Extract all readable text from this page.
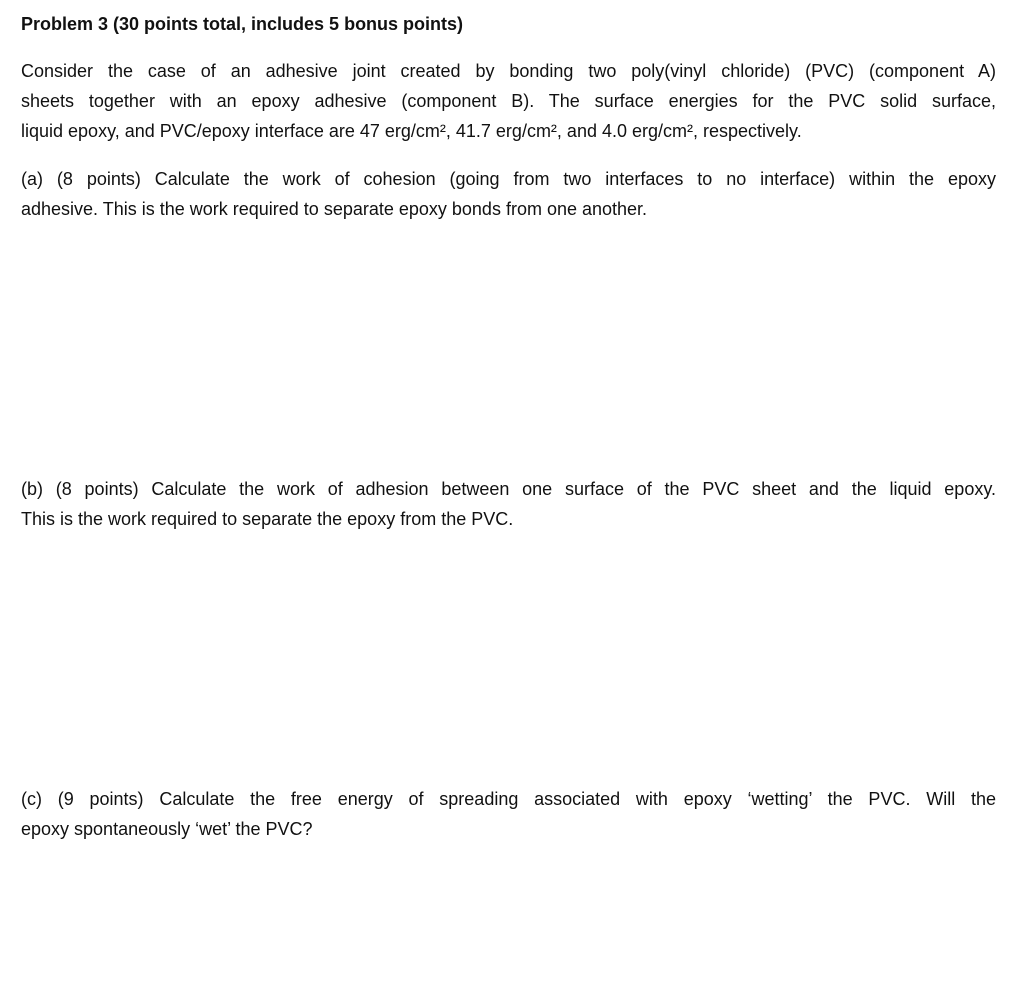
Problem 3 (30 points total, includes 5 bonus points)
Consider the case of an adhesive joint created by bonding two poly(vinyl chloride) (PVC) (component A)
sheets together with an epoxy adhesive (component B). The surface energies for the PVC solid surface,
liquid epoxy, and PVC/epoxy interface are 47 erg/cm², 41.7 erg/cm², and 4.0 erg/cm², respectively.
(a) (8 points) Calculate the work of cohesion (going from two interfaces to no interface) within the epoxy
adhesive. This is the work required to separate epoxy bonds from one another.
(b) (8 points) Calculate the work of adhesion between one surface of the PVC sheet and the liquid epoxy.
This is the work required to separate the epoxy from the PVC.
(c) (9 points) Calculate the free energy of spreading associated with epoxy ‘wetting’ the PVC. Will the
epoxy spontaneously ‘wet’ the PVC?
